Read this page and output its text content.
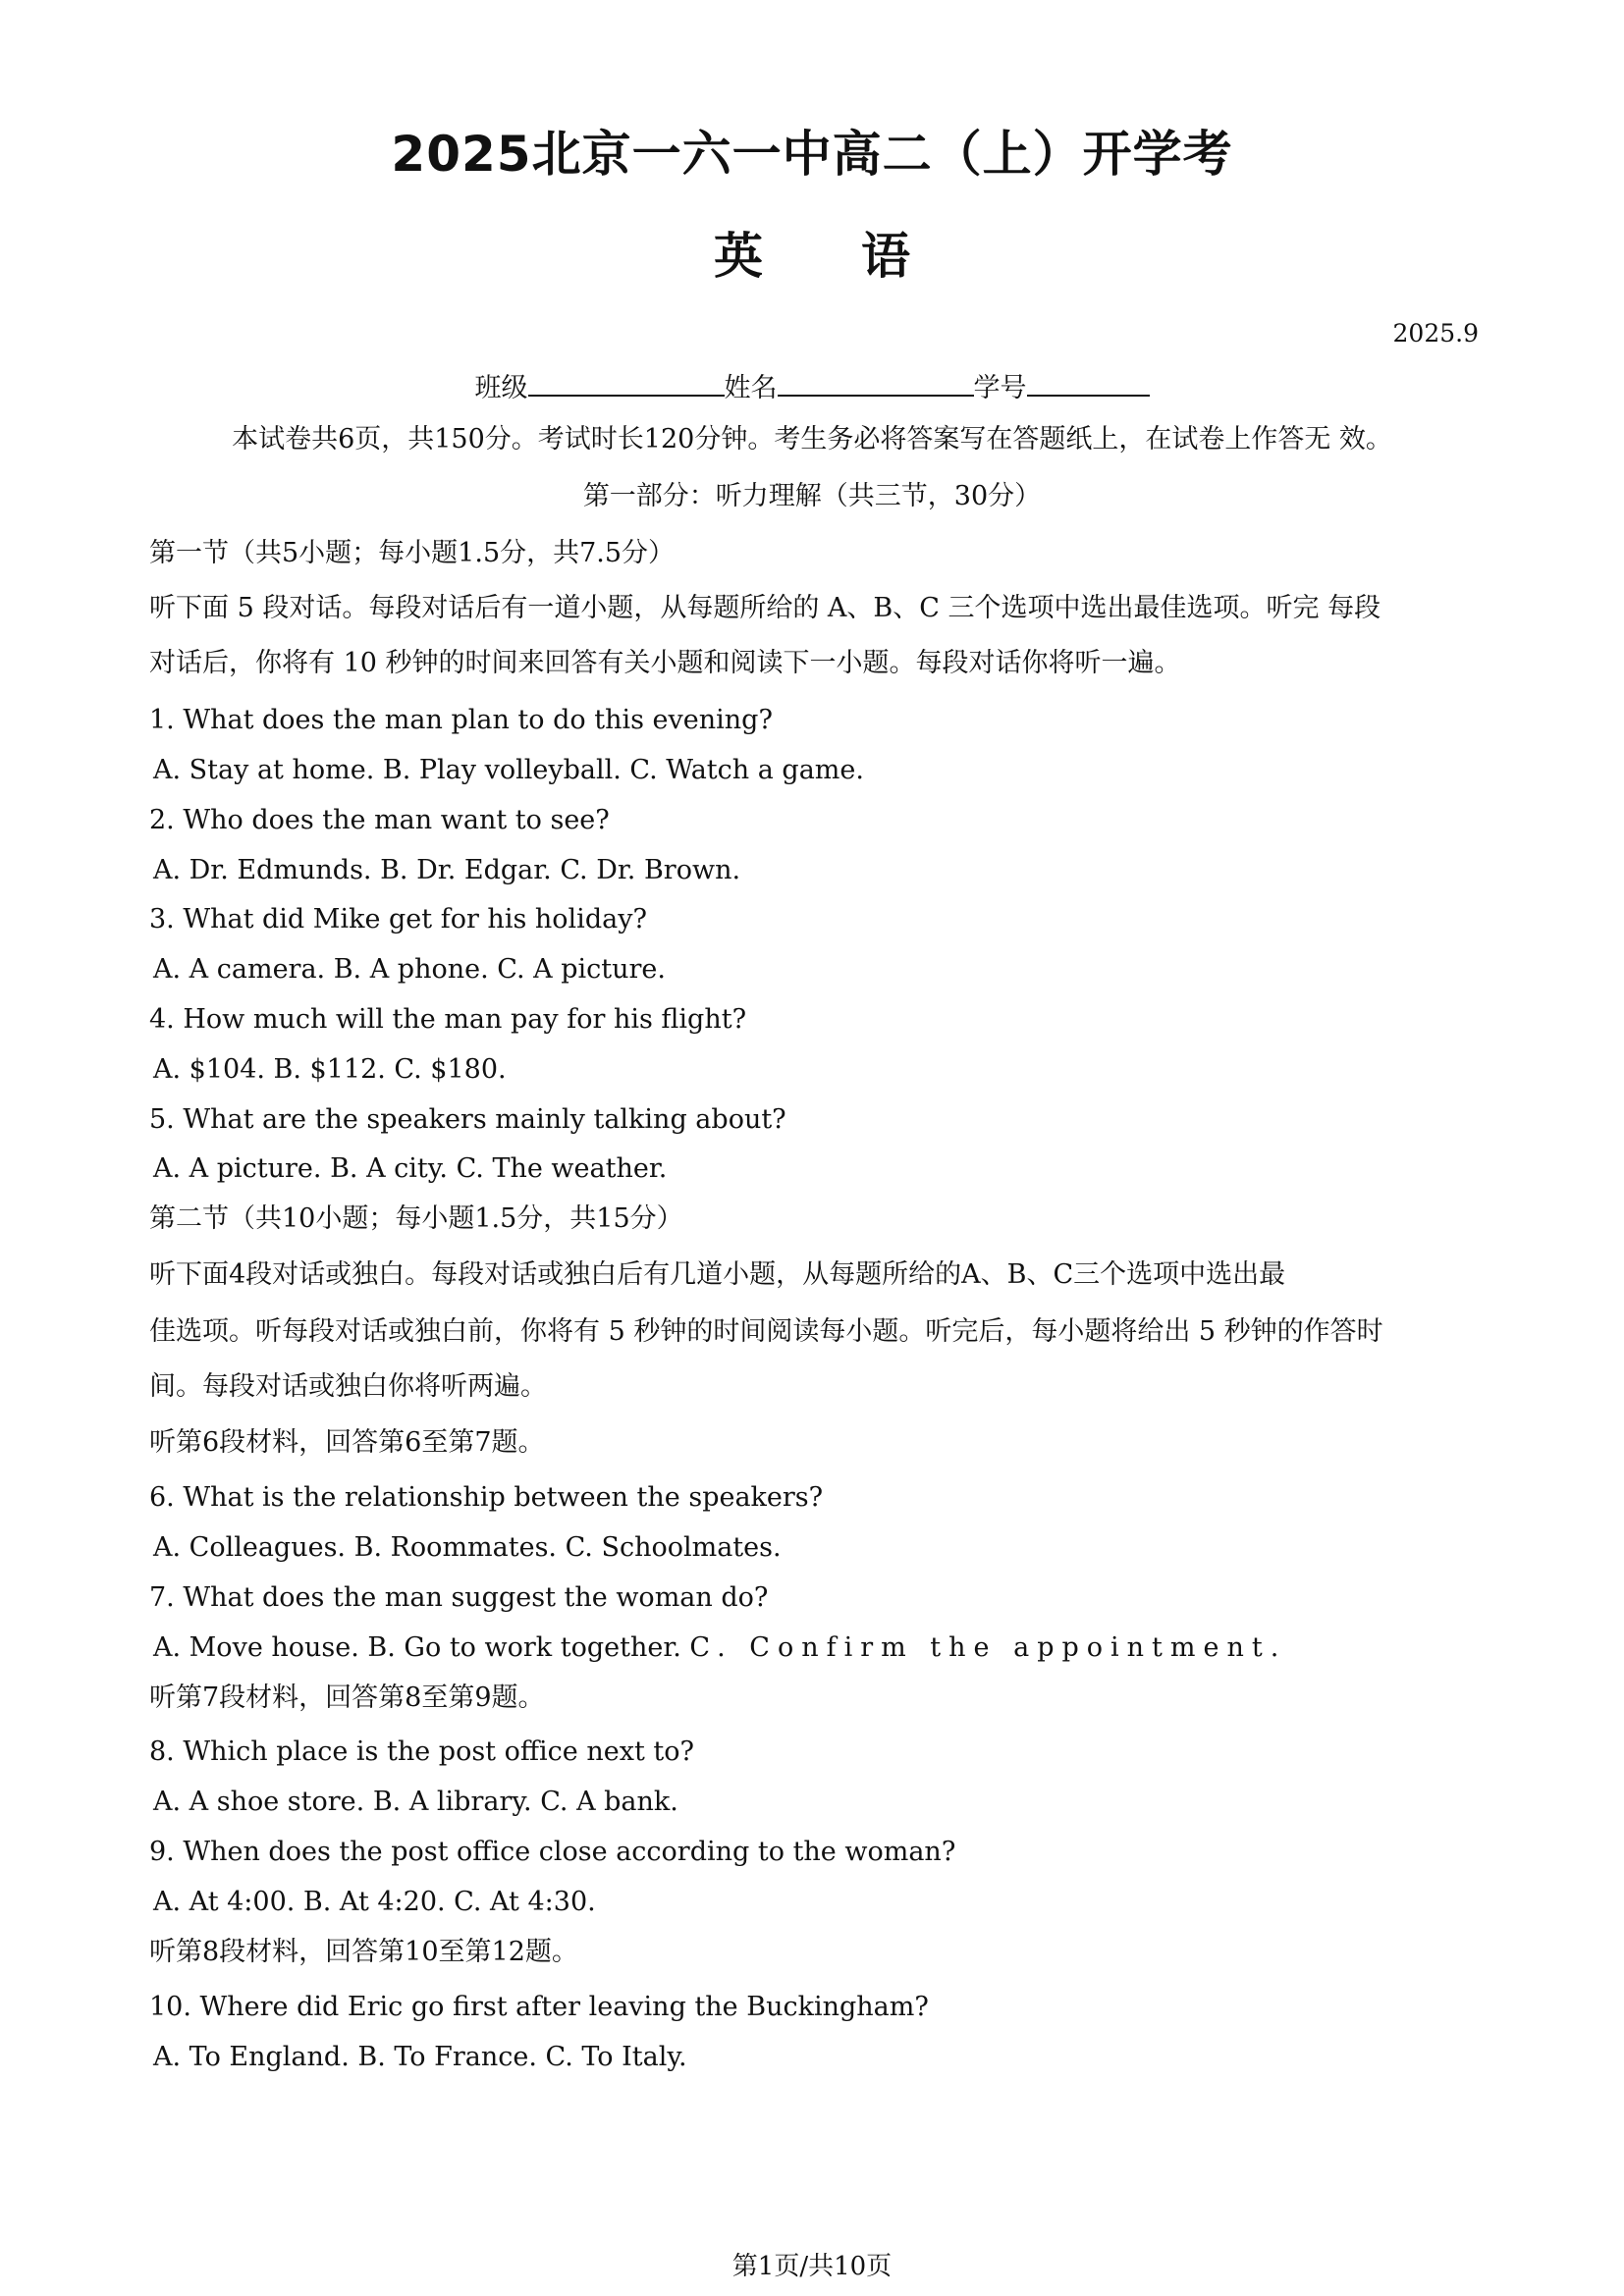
2025北京一六一中高二（上）开学考
英语
2025.9
班级	姓名	学号
本试卷共6页，共150分。考试时长120分钟。考生务必将答案写在答题纸上，在试卷上作答无 效。
第一部分：听力理解（共三节，30分）
第一节（共5小题；每小题1.5分，共7.5分）
听下面 5 段对话。每段对话后有一道小题，从每题所给的 A、B、C 三个选项中选出最佳选项。听完 每段
对话后，你将有 10 秒钟的时间来回答有关小题和阅读下一小题。每段对话你将听一遍。
1. What does the man plan to do this evening?
A. Stay at home. B. Play volleyball. C. Watch a game.
2. Who does the man want to see?
A. Dr. Edmunds. B. Dr. Edgar. C. Dr. Brown.
3. What did Mike get for his holiday?
A. A camera. B. A phone. C. A picture.
4. How much will the man pay for his flight?
A. $104. B. $112. C. $180.
5. What are the speakers mainly talking about?
A. A picture. B. A city. C. The weather.
第二节（共10小题；每小题1.5分，共15分）
听下面4段对话或独白。每段对话或独白后有几道小题，从每题所给的A、B、C三个选项中选出最
佳选项。听每段对话或独白前，你将有 5 秒钟的时间阅读每小题。听完后，每小题将给出 5 秒钟的作答时
间。每段对话或独白你将听两遍。
听第6段材料，回答第6至第7题。
6. What is the relationship between the speakers?
A. Colleagues. B. Roommates. C. Schoolmates.
7. What does the man suggest the woman do?
A. Move house. B. Go to work together. C. Confirm the appointment.
听第7段材料，回答第8至第9题。
8. Which place is the post office next to?
A. A shoe store. B. A library. C. A bank.
9. When does the post office close according to the woman?
A. At 4:00. B. At 4:20. C. At 4:30.
听第8段材料，回答第10至第12题。
10. Where did Eric go first after leaving the Buckingham?
A. To England. B. To France. C. To Italy.
第1页/共10页
